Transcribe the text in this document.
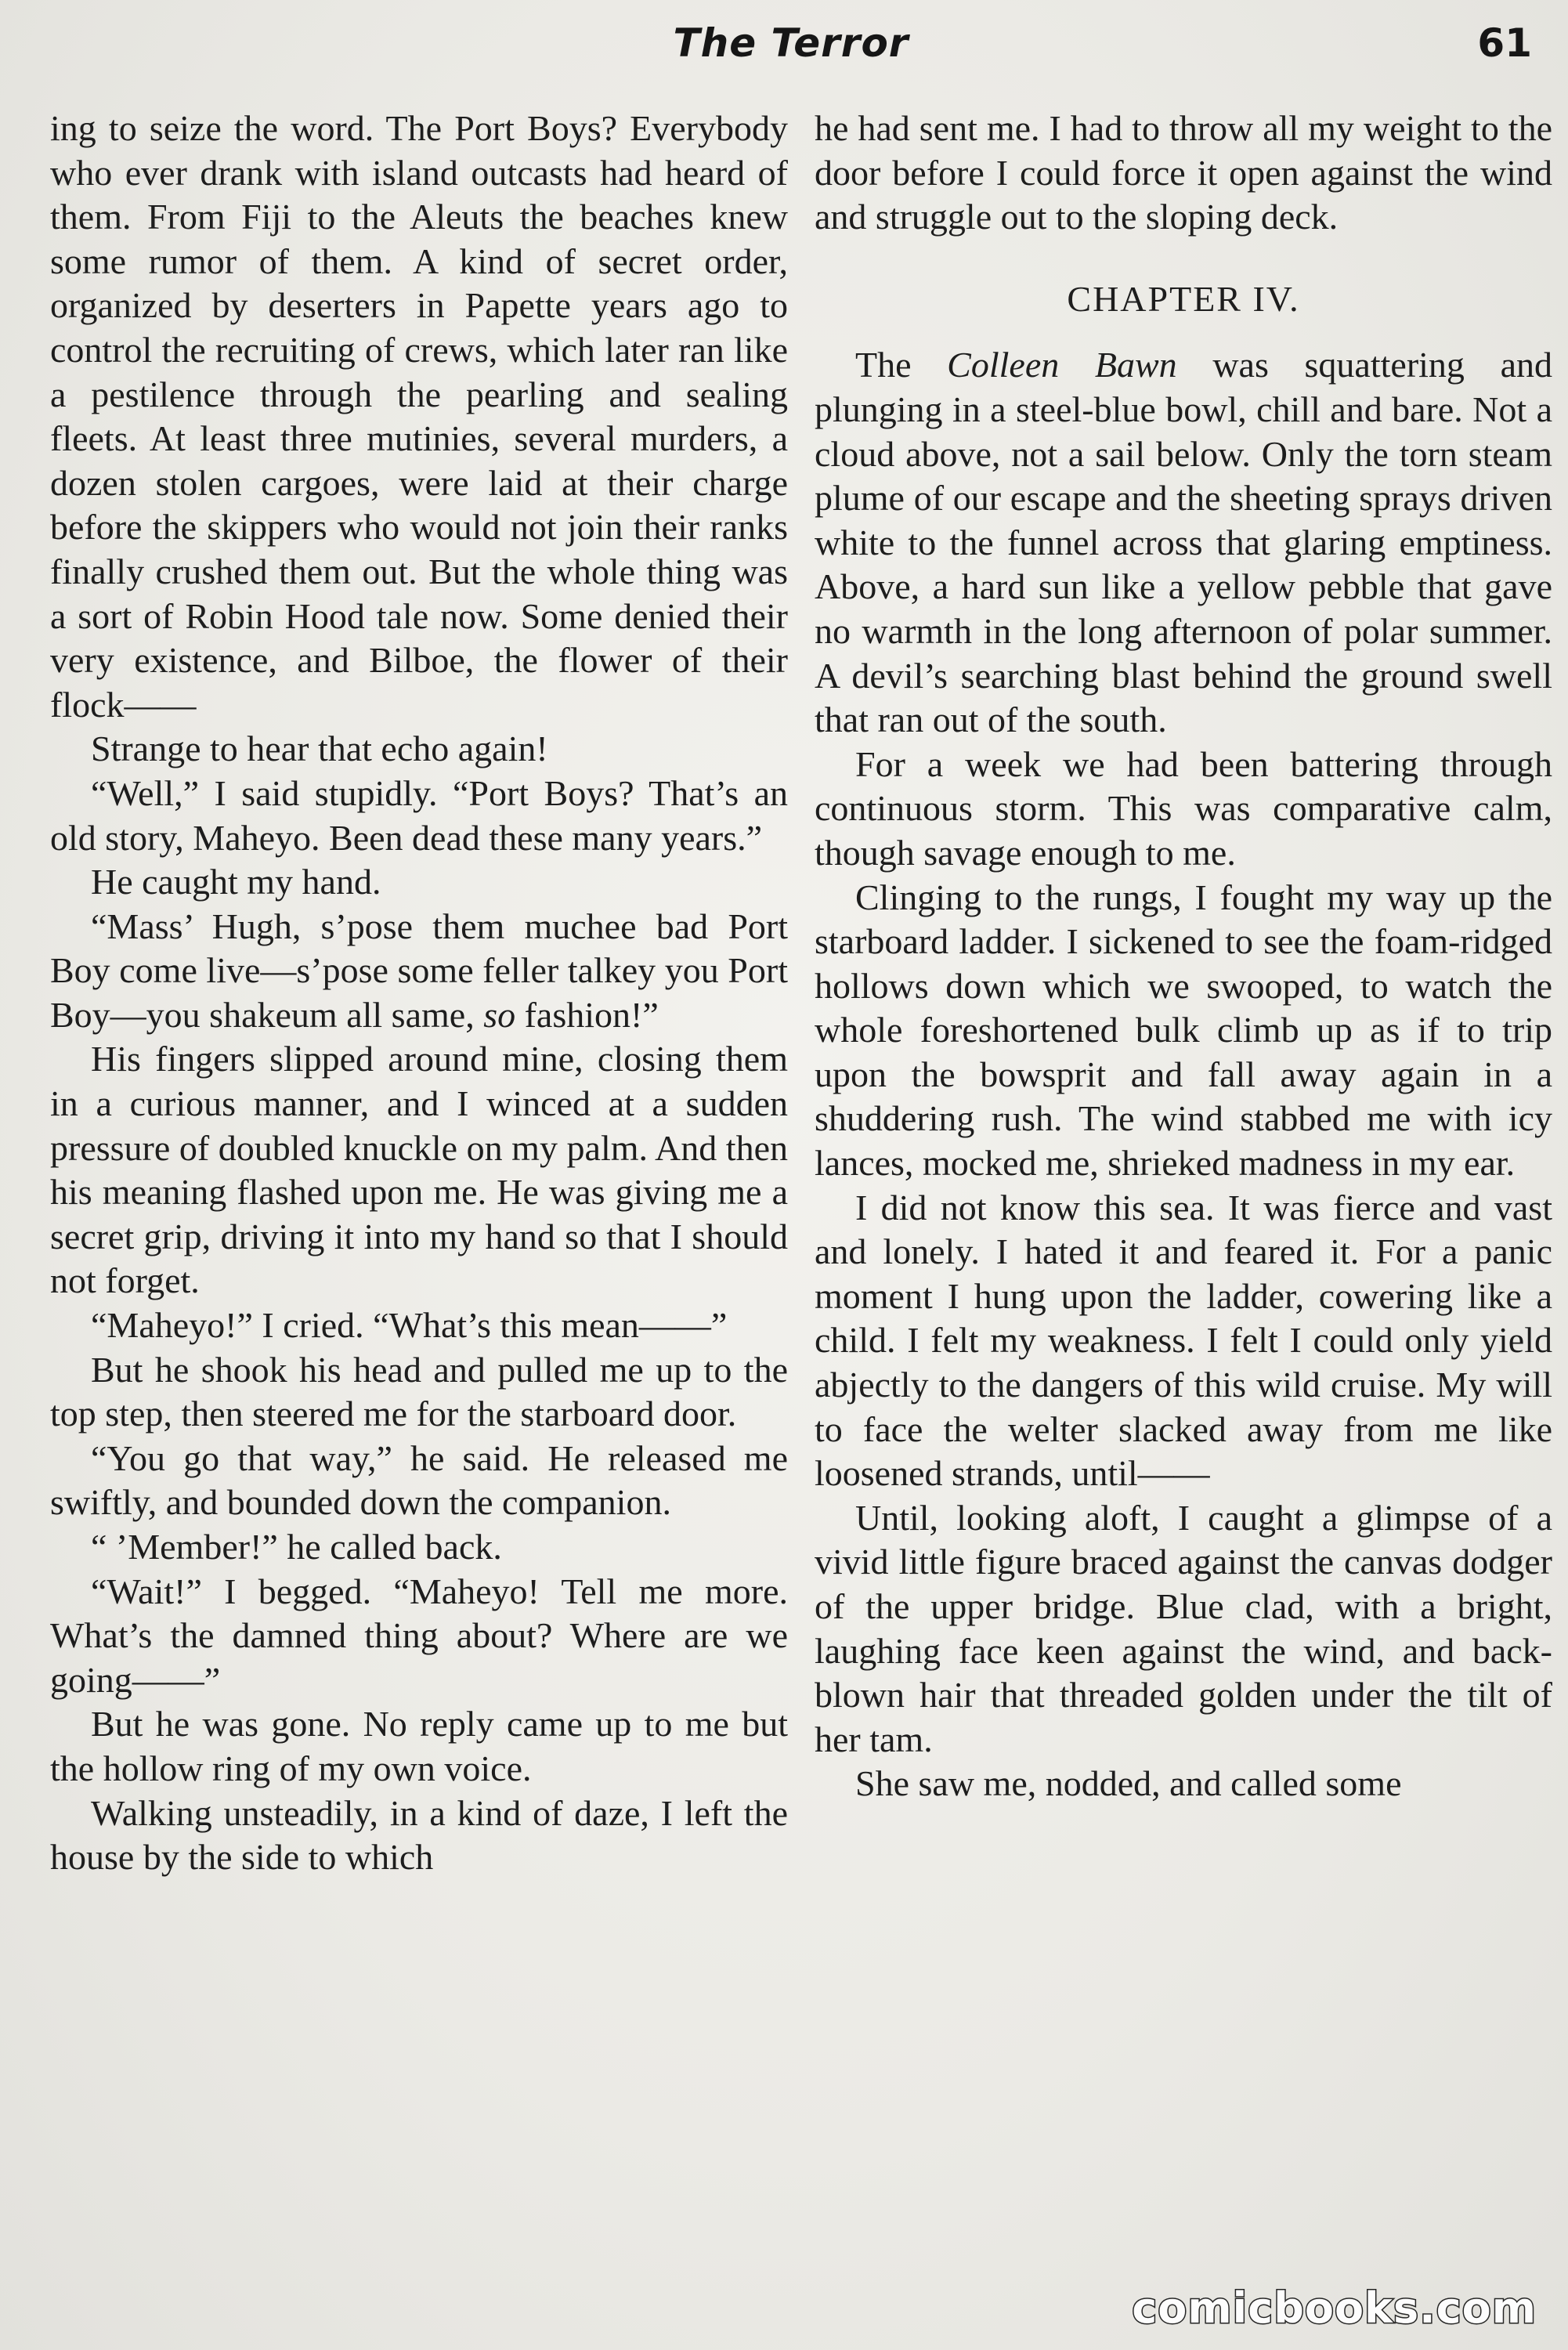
The Terror	61

ing to seize the word. The Port Boys? Everybody who ever drank with island outcasts had heard of them. From Fiji to the Aleuts the beaches knew some rumor of them. A kind of secret order, organized by deserters in Papette years ago to control the recruiting of crews, which later ran like a pestilence through the pearling and sealing fleets. At least three mutinies, several murders, a dozen stolen cargoes, were laid at their charge before the skippers who would not join their ranks finally crushed them out. But the whole thing was a sort of Robin Hood tale now. Some denied their very existence, and Bilboe, the flower of their flock——

Strange to hear that echo again!

“Well,” I said stupidly. “Port Boys? That’s an old story, Maheyo. Been dead these many years.”

He caught my hand.

“Mass’ Hugh, s’pose them muchee bad Port Boy come live—s’pose some feller talkey you Port Boy—you shakeum all same, so fashion!”

His fingers slipped around mine, closing them in a curious manner, and I winced at a sudden pressure of doubled knuckle on my palm. And then his meaning flashed upon me. He was giving me a secret grip, driving it into my hand so that I should not forget.

“Maheyo!” I cried. “What’s this mean——”

But he shook his head and pulled me up to the top step, then steered me for the starboard door.

“You go that way,” he said. He released me swiftly, and bounded down the companion.

“ ’Member!” he called back.

“Wait!” I begged. “Maheyo! Tell me more. What’s the damned thing about? Where are we going——”

But he was gone. No reply came up to me but the hollow ring of my own voice.

Walking unsteadily, in a kind of daze, I left the house by the side to which

he had sent me. I had to throw all my weight to the door before I could force it open against the wind and struggle out to the sloping deck.

CHAPTER IV.

The Colleen Bawn was squattering and plunging in a steel-blue bowl, chill and bare. Not a cloud above, not a sail below. Only the torn steam plume of our escape and the sheeting sprays driven white to the funnel across that glaring emptiness. Above, a hard sun like a yellow pebble that gave no warmth in the long afternoon of polar summer. A devil’s searching blast behind the ground swell that ran out of the south.

For a week we had been battering through continuous storm. This was comparative calm, though savage enough to me.

Clinging to the rungs, I fought my way up the starboard ladder. I sickened to see the foam-ridged hollows down which we swooped, to watch the whole foreshortened bulk climb up as if to trip upon the bowsprit and fall away again in a shuddering rush. The wind stabbed me with icy lances, mocked me, shrieked madness in my ear.

I did not know this sea. It was fierce and vast and lonely. I hated it and feared it. For a panic moment I hung upon the ladder, cowering like a child. I felt my weakness. I felt I could only yield abjectly to the dangers of this wild cruise. My will to face the welter slacked away from me like loosened strands, until——

Until, looking aloft, I caught a glimpse of a vivid little figure braced against the canvas dodger of the upper bridge. Blue clad, with a bright, laughing face keen against the wind, and back-blown hair that threaded golden under the tilt of her tam.

She saw me, nodded, and called some

comicbooks.com
